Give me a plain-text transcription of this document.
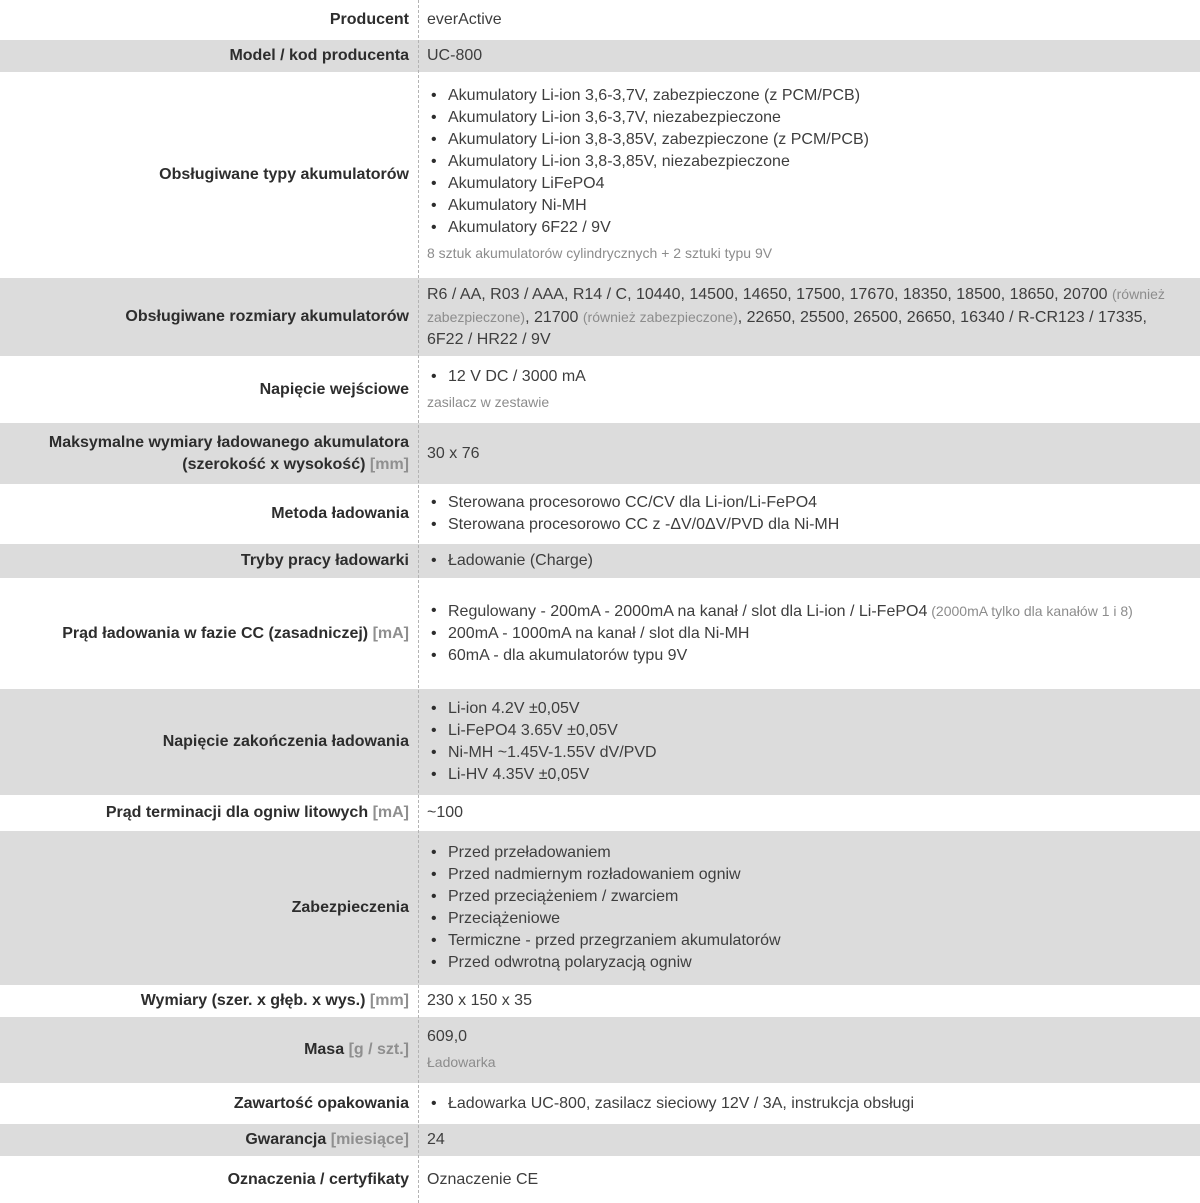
Producent everActive
Model / kod producenta UC-800
Obsługiwane typy akumulatorów
• Akumulatory Li-ion 3,6-3,7V, zabezpieczone (z PCM/PCB)
• Akumulatory Li-ion 3,6-3,7V, niezabezpieczone
• Akumulatory Li-ion 3,8-3,85V, zabezpieczone (z PCM/PCB)
• Akumulatory Li-ion 3,8-3,85V, niezabezpieczone
• Akumulatory LiFePO4
• Akumulatory Ni-MH
• Akumulatory 6F22 / 9V
8 sztuk akumulatorów cylindrycznych + 2 sztuki typu 9V
Obsługiwane rozmiary akumulatorów
R6 / AA, R03 / AAA, R14 / C, 10440, 14500, 14650, 17500, 17670, 18350, 18500, 18650, 20700 (również zabezpieczone), 21700 (również zabezpieczone), 22650, 25500, 26500, 26650, 16340 / R-CR123 / 17335, 6F22 / HR22 / 9V
Napięcie wejściowe
• 12 V DC / 3000 mA
zasilacz w zestawie
Maksymalne wymiary ładowanego akumulatora (szerokość x wysokość) [mm]
30 x 76
Metoda ładowania
• Sterowana procesorowo CC/CV dla Li-ion/Li-FePO4
• Sterowana procesorowo CC z -ΔV/0ΔV/PVD dla Ni-MH
Tryby pracy ładowarki	• Ładowanie (Charge)
Prąd ładowania w fazie CC (zasadniczej) [mA]
• Regulowany - 200mA - 2000mA na kanał / slot dla Li-ion / Li-FePO4 (2000mA tylko dla kanałów 1 i 8)
• 200mA - 1000mA na kanał / slot dla Ni-MH
• 60mA - dla akumulatorów typu 9V
Napięcie zakończenia ładowania
• Li-ion 4.2V ±0,05V
• Li-FePO4 3.65V ±0,05V
• Ni-MH ~1.45V-1.55V dV/PVD
• Li-HV 4.35V ±0,05V
Prąd terminacji dla ogniw litowych [mA] ~100
Zabezpieczenia
• Przed przeładowaniem
• Przed nadmiernym rozładowaniem ogniw
• Przed przeciążeniem / zwarciem
• Przeciążeniowe
• Termiczne - przed przegrzaniem akumulatorów
• Przed odwrotną polaryzacją ogniw
Wymiary (szer. x głęb. x wys.) [mm] 230 x 150 x 35
Masa [g / szt.]
609,0
Ładowarka
Zawartość opakowania	• Ładowarka UC-800, zasilacz sieciowy 12V / 3A, instrukcja obsługi
Gwarancja [miesiące] 24
Oznaczenia / certyfikaty Oznaczenie CE
